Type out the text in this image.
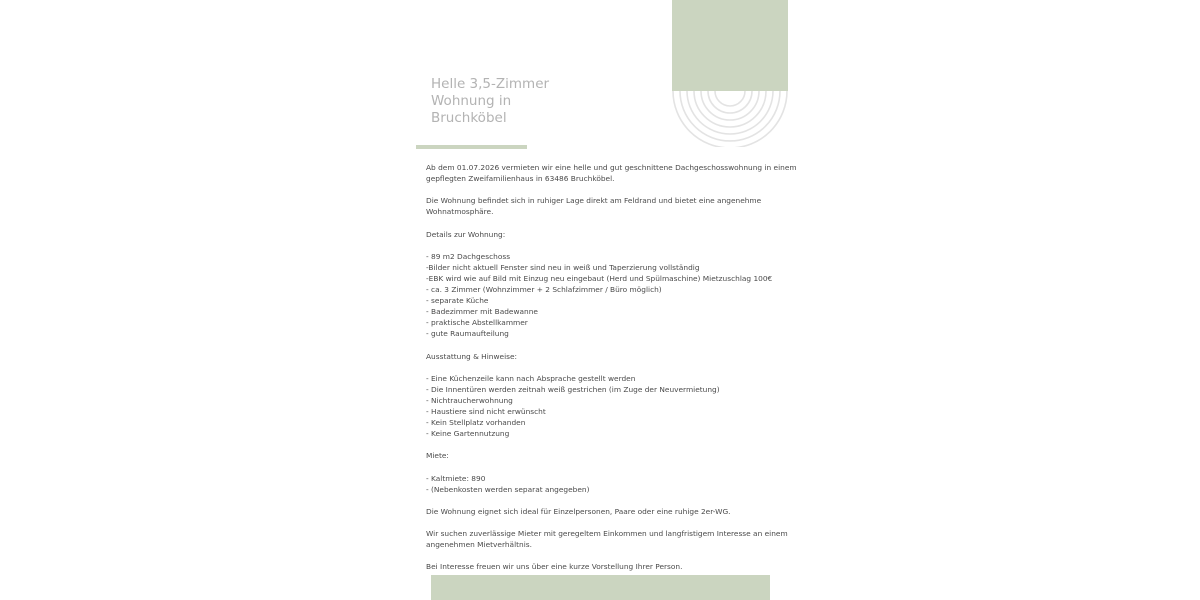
Helle 3,5-Zimmer
Wohnung in
Bruchköbel

Ab dem 01.07.2026 vermieten wir eine helle und gut geschnittene Dachgeschosswohnung in einem
gepflegten Zweifamilienhaus in 63486 Bruchköbel.

Die Wohnung befindet sich in ruhiger Lage direkt am Feldrand und bietet eine angenehme
Wohnatmosphäre.

Details zur Wohnung:

- 89 m2 Dachgeschoss
-Bilder nicht aktuell Fenster sind neu in weiß und Taperzierung vollständig
-EBK wird wie auf Bild mit Einzug neu eingebaut (Herd und Spülmaschine) Mietzuschlag 100€
- ca. 3 Zimmer (Wohnzimmer + 2 Schlafzimmer / Büro möglich)
- separate Küche
- Badezimmer mit Badewanne
- praktische Abstellkammer
- gute Raumaufteilung

Ausstattung & Hinweise:

- Eine Küchenzeile kann nach Absprache gestellt werden
- Die Innentüren werden zeitnah weiß gestrichen (im Zuge der Neuvermietung)
- Nichtraucherwohnung
- Haustiere sind nicht erwünscht
- Kein Stellplatz vorhanden
- Keine Gartennutzung

Miete:

- Kaltmiete: 890
- (Nebenkosten werden separat angegeben)

Die Wohnung eignet sich ideal für Einzelpersonen, Paare oder eine ruhige 2er-WG.

Wir suchen zuverlässige Mieter mit geregeltem Einkommen und langfristigem Interesse an einem
angenehmen Mietverhältnis.

Bei Interesse freuen wir uns über eine kurze Vorstellung Ihrer Person.
